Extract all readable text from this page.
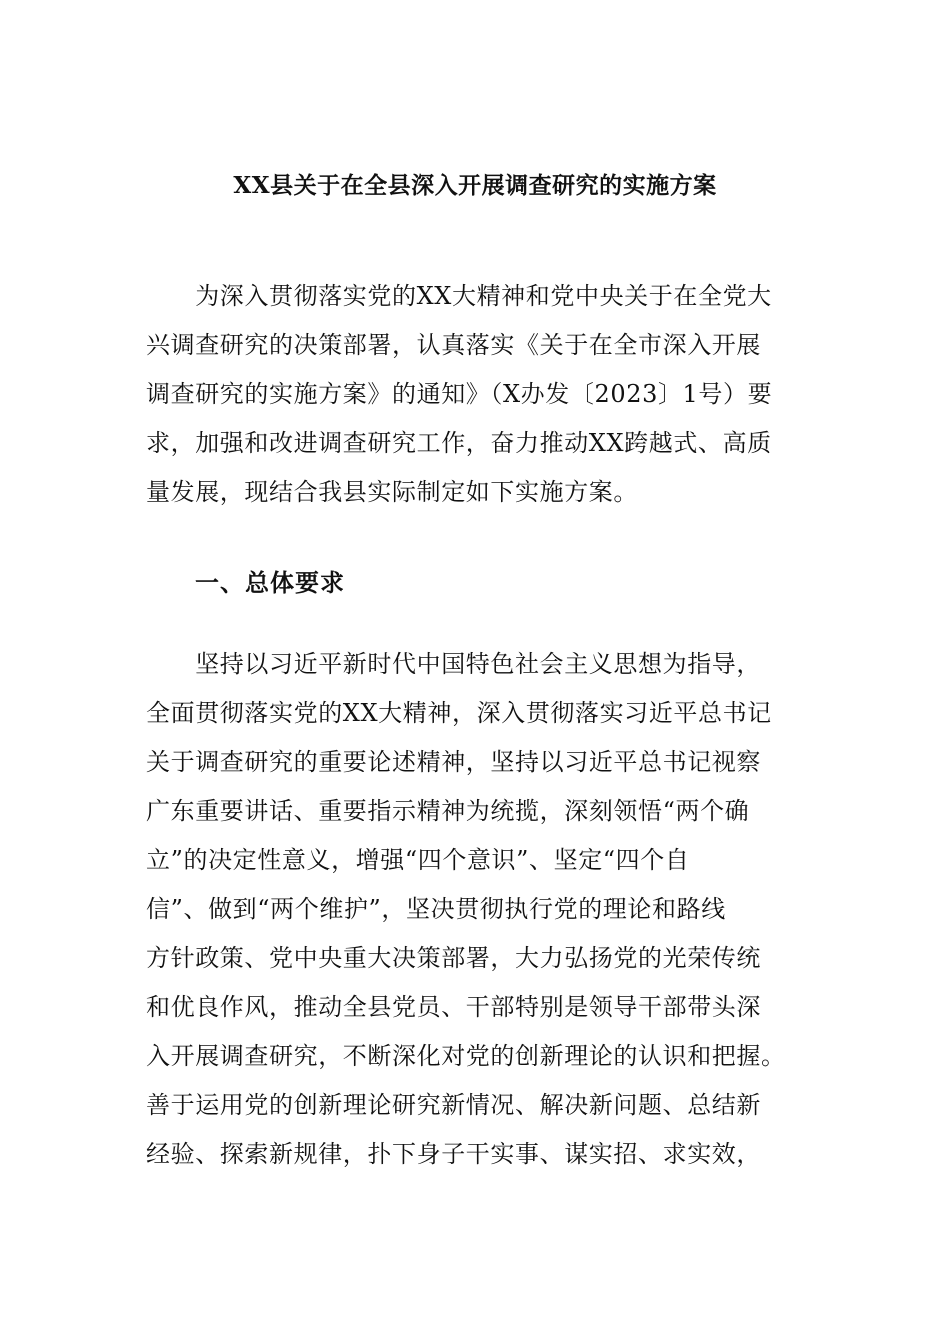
XX县关于在全县深入开展调查研究的实施方案
　　为深入贯彻落实党的XX大精神和党中央关于在全党大
兴调查研究的决策部署，认真落实《关于在全市深入开展
调查研究的实施方案》的通知》（X办发〔2023〕1号）要
求，加强和改进调查研究工作，奋力推动XX跨越式、高质
量发展，现结合我县实际制定如下实施方案。
一、总体要求
　　坚持以习近平新时代中国特色社会主义思想为指导，
全面贯彻落实党的XX大精神，深入贯彻落实习近平总书记
关于调查研究的重要论述精神，坚持以习近平总书记视察
广东重要讲话、重要指示精神为统揽，深刻领悟“两个确
立”的决定性意义，增强“四个意识”、坚定“四个自
信”、做到“两个维护”，坚决贯彻执行党的理论和路线
方针政策、党中央重大决策部署，大力弘扬党的光荣传统
和优良作风，推动全县党员、干部特别是领导干部带头深
入开展调查研究，不断深化对党的创新理论的认识和把握。
善于运用党的创新理论研究新情况、解决新问题、总结新
经验、探索新规律，扑下身子干实事、谋实招、求实效，
